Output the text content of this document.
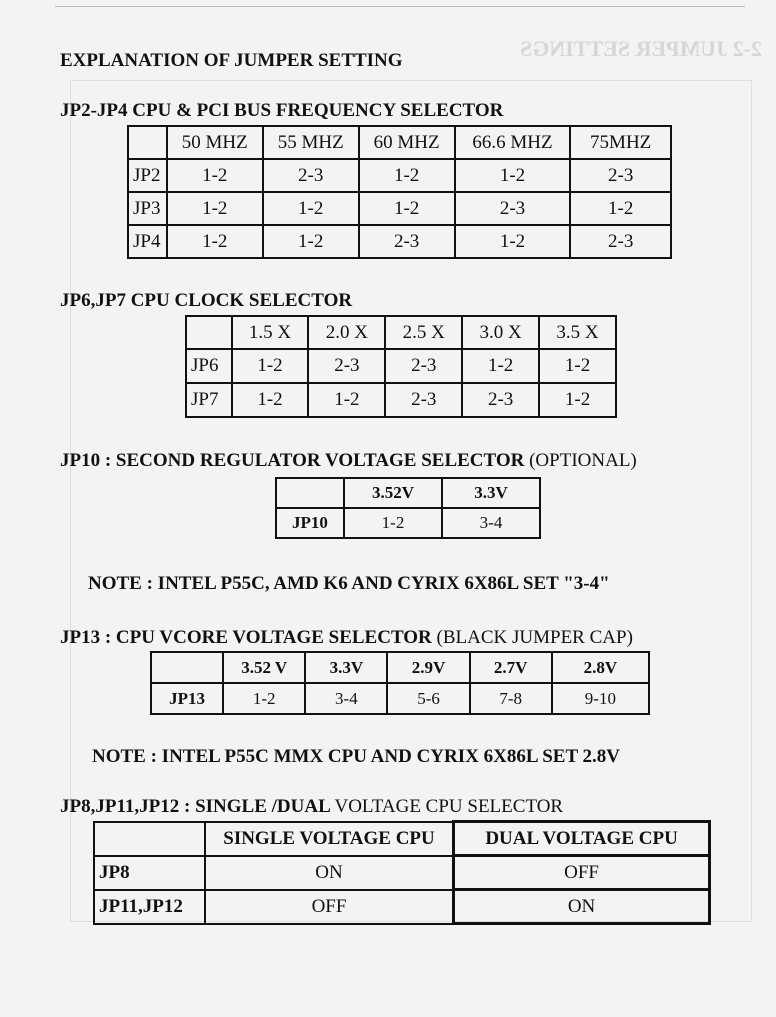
2-2 JUMPER SETTINGS
EXPLANATION OF JUMPER SETTING
JP2-JP4 CPU & PCI BUS FREQUENCY SELECTOR
	50 MHZ	55 MHZ	60 MHZ	66.6 MHZ	75MHZ
JP2	1-2	2-3	1-2	1-2	2-3
JP3	1-2	1-2	1-2	2-3	1-2
JP4	1-2	1-2	2-3	1-2	2-3
JP6,JP7 CPU CLOCK SELECTOR
	1.5 X	2.0 X	2.5 X	3.0 X	3.5 X
JP6	1-2	2-3	2-3	1-2	1-2
JP7	1-2	1-2	2-3	2-3	1-2
JP10 : SECOND REGULATOR VOLTAGE SELECTOR (OPTIONAL)
	3.52V	3.3V
JP10	1-2	3-4
NOTE : INTEL P55C, AMD K6 AND CYRIX 6X86L SET "3-4"
JP13 : CPU VCORE VOLTAGE SELECTOR (BLACK JUMPER CAP)
	3.52 V	3.3V	2.9V	2.7V	2.8V
JP13	1-2	3-4	5-6	7-8	9-10
NOTE : INTEL P55C MMX CPU AND CYRIX 6X86L SET 2.8V
JP8,JP11,JP12 : SINGLE /DUAL VOLTAGE CPU SELECTOR
	SINGLE VOLTAGE CPU	DUAL VOLTAGE CPU
JP8	ON	OFF
JP11,JP12	OFF	ON
